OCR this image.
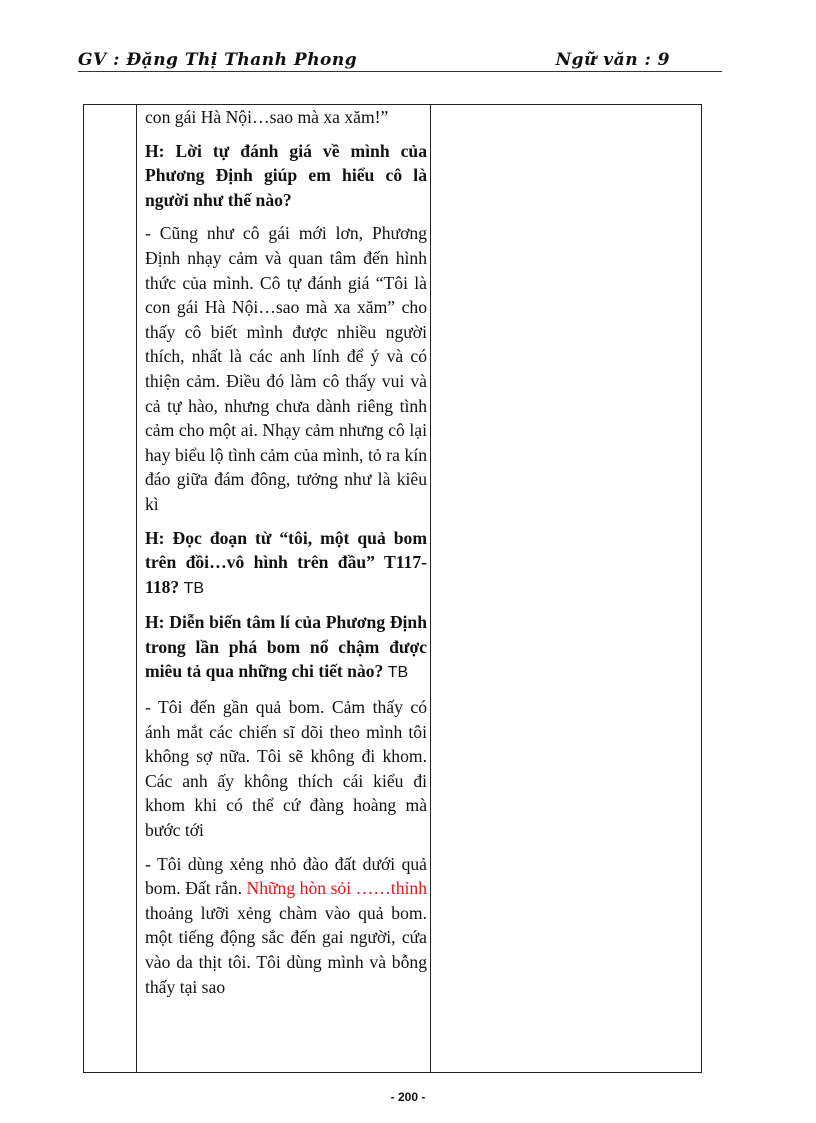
GV : Đặng Thị Thanh Phong	Ngữ văn : 9

con gái Hà Nội…sao mà xa xăm!”

H: Lời tự đánh giá về mình của Phương Định giúp em hiểu cô là người như thế nào?

- Cũng như cô gái mới lơn, Phương Định nhạy cảm và quan tâm đến hình thức của mình. Cô tự đánh giá “Tôi là con gái Hà Nội…sao mà xa xăm” cho thấy cô biết mình được nhiều người thích, nhất là các anh lính để ý và có thiện cảm. Điều đó làm cô thấy vui và cả tự hào, nhưng chưa dành riêng tình cảm cho một ai. Nhạy cảm nhưng cô lại hay biểu lộ tình cảm của mình, tỏ ra kín đáo giữa đám đông, tưởng như là kiêu kì

H: Đọc đoạn từ “tôi, một quả bom trên đồi…vô hình trên đầu” T117-118? TB

H: Diễn biến tâm lí của Phương Định trong lần phá bom nổ chậm được miêu tả qua những chi tiết nào? TB

- Tôi đến gần quả bom. Cảm thấy có ánh mắt các chiến sĩ dõi theo mình tôi không sợ nữa. Tôi sẽ không đi khom. Các anh ấy không thích cái kiểu đi khom khi có thể cứ đàng hoàng mà bước tới

- Tôi dùng xẻng nhỏ đào đất dưới quả bom. Đất rắn. Những hòn sỏi ……thỉnh thoảng lưỡi xẻng chàm vào quả bom. một tiếng động sắc đến gai người, cứa vào da thịt tôi. Tôi dùng mình và bỗng thấy tại sao

- 200 -
